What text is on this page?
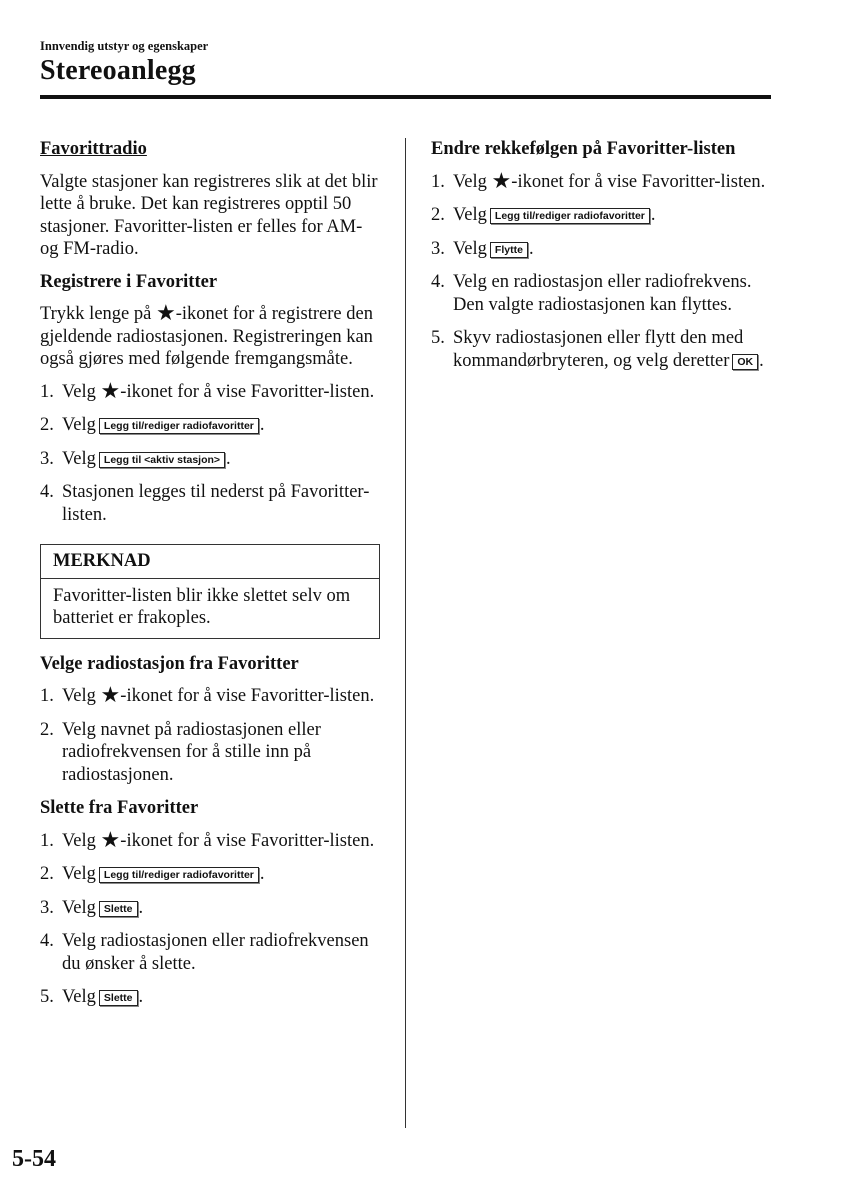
Innvendig utstyr og egenskaper
Stereoanlegg
Favorittradio

Valgte stasjoner kan registreres slik at det blir lette å bruke. Det kan registreres opptil 50 stasjoner. Favoritter-listen er felles for AM- og FM-radio.

Registrere i Favoritter

Trykk lenge på ★-ikonet for å registrere den gjeldende radiostasjonen. Registreringen kan også gjøres med følgende fremgangsmåte.

1. Velg ★-ikonet for å vise Favoritter-listen.
2. Velg Legg til/rediger radiofavoritter .
3. Velg Legg til <aktiv stasjon> .
4. Stasjonen legges til nederst på Favoritter-listen.
MERKNAD
Favoritter-listen blir ikke slettet selv om batteriet er frakoples.
Velge radiostasjon fra Favoritter
1. Velg ★-ikonet for å vise Favoritter-listen.
2. Velg navnet på radiostasjonen eller radiofrekvensen for å stille inn på radiostasjonen.
Slette fra Favoritter
1. Velg ★-ikonet for å vise Favoritter-listen.
2. Velg Legg til/rediger radiofavoritter .
3. Velg Slette .
4. Velg radiostasjonen eller radiofrekvensen du ønsker å slette.
5. Velg Slette .
Endre rekkefølgen på Favoritter-listen
1. Velg ★-ikonet for å vise Favoritter-listen.
2. Velg Legg til/rediger radiofavoritter .
3. Velg Flytte .
4. Velg en radiostasjon eller radiofrekvens. Den valgte radiostasjonen kan flyttes.
5. Skyv radiostasjonen eller flytt den med kommandørbryteren, og velg deretter OK .
5-54
